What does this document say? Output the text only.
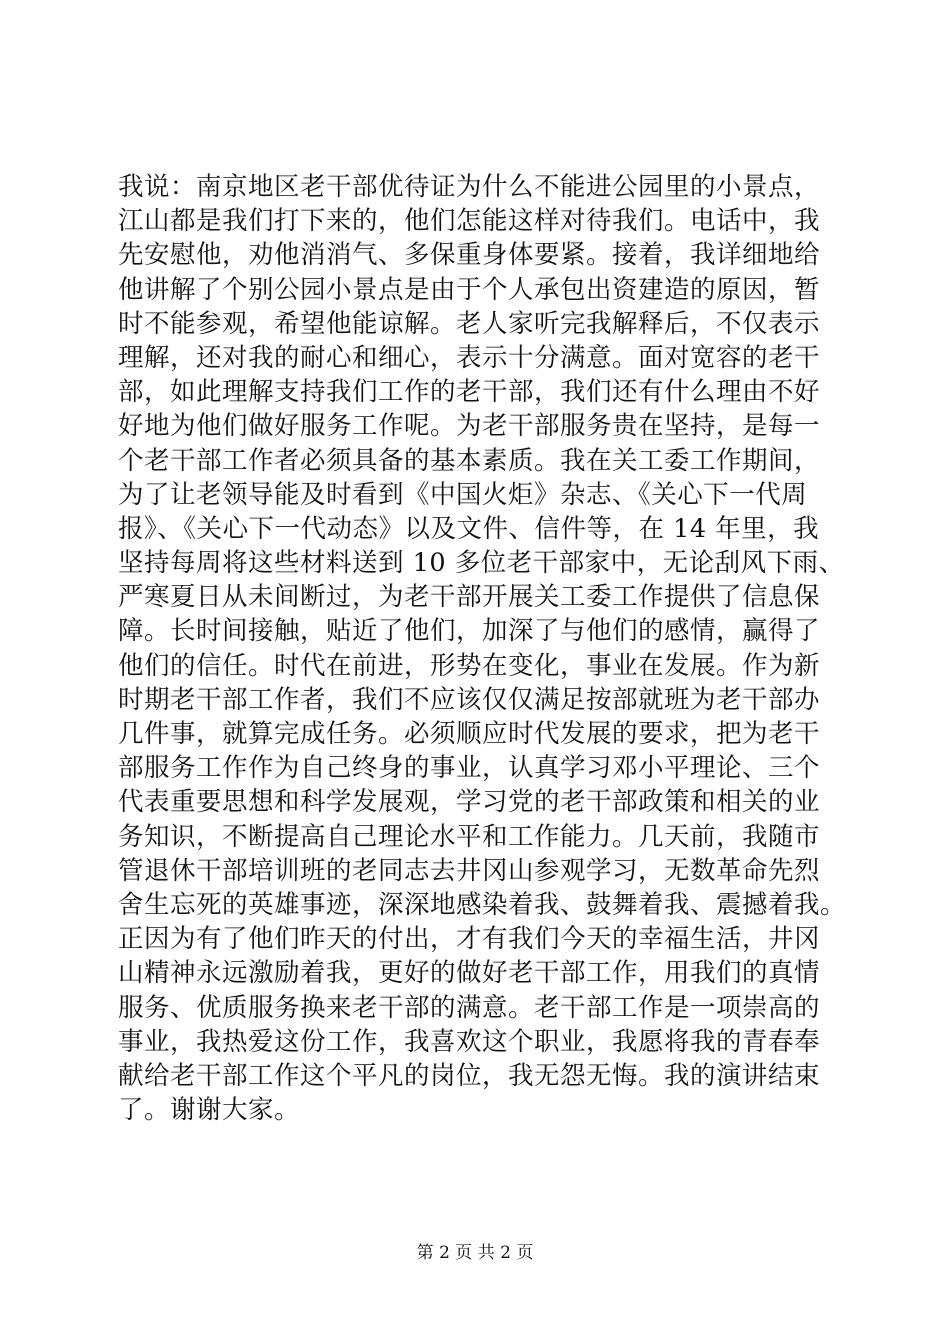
我说：南京地区老干部优待证为什么不能进公园里的小景点，
江山都是我们打下来的，他们怎能这样对待我们。电话中，我
先安慰他，劝他消消气、多保重身体要紧。接着，我详细地给
他讲解了个别公园小景点是由于个人承包出资建造的原因，暂
时不能参观，希望他能谅解。老人家听完我解释后，不仅表示
理解，还对我的耐心和细心，表示十分满意。面对宽容的老干
部，如此理解支持我们工作的老干部，我们还有什么理由不好
好地为他们做好服务工作呢。为老干部服务贵在坚持，是每一
个老干部工作者必须具备的基本素质。我在关工委工作期间，
为了让老领导能及时看到《中国火炬》杂志、《关心下一代周
报》、《关心下一代动态》以及文件、信件等，在 14 年里，我
坚持每周将这些材料送到 10 多位老干部家中，无论刮风下雨、
严寒夏日从未间断过，为老干部开展关工委工作提供了信息保
障。长时间接触，贴近了他们，加深了与他们的感情，赢得了
他们的信任。时代在前进，形势在变化，事业在发展。作为新
时期老干部工作者，我们不应该仅仅满足按部就班为老干部办
几件事，就算完成任务。必须顺应时代发展的要求，把为老干
部服务工作作为自己终身的事业，认真学习邓小平理论、三个
代表重要思想和科学发展观，学习党的老干部政策和相关的业
务知识，不断提高自己理论水平和工作能力。几天前，我随市
管退休干部培训班的老同志去井冈山参观学习，无数革命先烈
舍生忘死的英雄事迹，深深地感染着我、鼓舞着我、震撼着我。
正因为有了他们昨天的付出，才有我们今天的幸福生活，井冈
山精神永远激励着我，更好的做好老干部工作，用我们的真情
服务、优质服务换来老干部的满意。老干部工作是一项崇高的
事业，我热爱这份工作，我喜欢这个职业，我愿将我的青春奉
献给老干部工作这个平凡的岗位，我无怨无悔。我的演讲结束
了。谢谢大家。
第 2 页 共 2 页
